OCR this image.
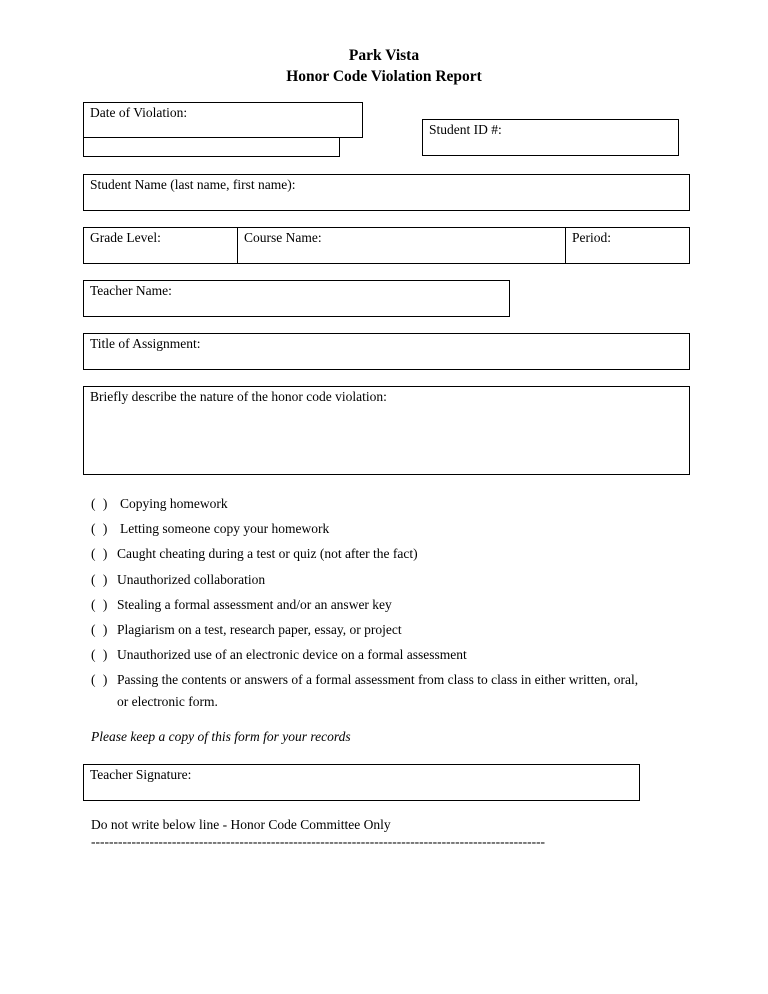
Park Vista
Honor Code Violation Report
Date of Violation:
Student ID #:
Student Name (last name, first name):
Grade Level:	Course Name:	Period:
Teacher Name:
Title of Assignment:
Briefly describe the nature of the honor code violation:
( ) Copying homework
( ) Letting someone copy your homework
( ) Caught cheating during a test or quiz (not after the fact)
( ) Unauthorized collaboration
( ) Stealing a formal assessment and/or an answer key
( ) Plagiarism on a test, research paper, essay, or project
( ) Unauthorized use of an electronic device on a formal assessment
( ) Passing the contents or answers of a formal assessment from class to class in either written, oral, or electronic form.
Please keep a copy of this form for your records
Teacher Signature:
Do not write below line - Honor Code Committee Only
-----------------------------------------------------------------------------------------------------
